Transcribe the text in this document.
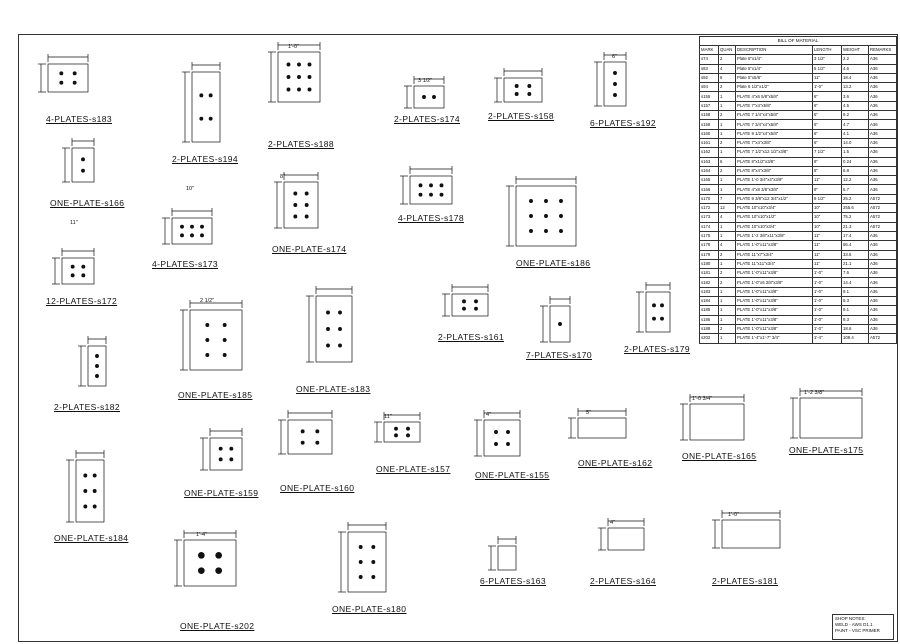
BILL OF MATERIAL
MARK	QUAN	DESCRIPTION	LENGTH	WEIGHT	REMARKS
s74	2	Plate 6"x1/4"	3 1/2"	2.2	A36
s83	4	Plate 5"x1/4"	5 1/2"	4.6	A36
s92	6	Plate 5"x5/8"	11"	18.4	A36
s94	2	Plate 6 1/2"x1/2"	1'-0"	13.2	A36
s155	1	PLATE 4"x6 5/8"x5/8"	6"	3.6	A36
s157	1	PLATE 7"x4"x5/8"	6"	4.5	A36
s158	2	PLATE 7 1/4"x4"x5/8"	6"	9.2	A36
s159	1	PLATE 7 3/4"x4"x5/8"	6"	4.7	A36
s160	1	PLATE 9 1/2"x4"x5/8"	6"	4.1	A36
s161	2	PLATE 7"x4"x3/8"	6"	14.0	A36
s162	1	PLATE 7 1/2"x12 1/2"x3/8"	7 1/2"	1.5	A36
s163	6	PLATE 8"x1/2"x3/8"	8"	0.24	A36
s164	2	PLATE 8"x4"x3/8"	8"	6.8	A36
s165	1	PLATE 1'-0 3/4"x4"x3/8"	11"	12.2	A36
s166	1	PLATE 4"x8 3/8"x3/8"	9"	5.7	A36
s170	7	PLATE 9 3/8"x12 3/4"x1/2"	9 1/2"	25.2	A572
s172	12	PLATE 10"x10"x3/4"	10"	255.6	A572
s173	4	PLATE 10"x10"x1/2"	10"	75.2	A572
s174	1	PLATE 10"x10"x3/4"	10"	21.3	A572
s175	1	PLATE 1'-2 3/8"x11"x3/8"	11"	17.4	A36
s178	4	PLATE 1'-0"x11"x3/8"	11"	56.4	A36
s179	2	PLATE 11"x7"x3/4"	11"	33.6	A36
s180	1	PLATE 11"x11"x3/4"	11"	21.1	A36
s181	2	PLATE 1'-0"x11"x3/8"	1'-0"	7.6	A36
s182	2	PLATE 1'-0"x6 3/8"x3/8"	1'-0"	14.4	A36
s183	1	PLATE 1'-0"x11"x3/8"	1'-0"	9.1	A36
s184	1	PLATE 1'-0"x11"x3/8"	1'-0"	9.3	A36
s185	1	PLATE 1'-0"x11"x3/8"	1'-0"	9.1	A36
s186	1	PLATE 1'-0"x11"x3/8"	1'-0"	9.3	A36
s188	2	PLATE 1'-0"x11"x3/8"	1'-0"	18.6	A36
s202	1	PLATE 1'-4"x1'-7" 3/4"	1'-4"	109.4	A572
SHOP NOTES:
WELD - AWS D1.1
PAINT - VSC PRIMER
1'-0"
10"
8"
3 1/2"
11"
6"
2 1/2"
4"	5"
1'-0 3/4"
1'-2 3/8"
1'-4"
1'-0"
4"
11"
4-PLATES-s183
2-PLATES-s194
2-PLATES-s188
2-PLATES-s174	2-PLATES-s158
6-PLATES-s192
ONE-PLATE-s166
4-PLATES-s173
ONE-PLATE-s174
4-PLATES-s178
ONE-PLATE-s186
12-PLATES-s172
2-PLATES-s182
ONE-PLATE-s185
ONE-PLATE-s183
2-PLATES-s161
7-PLATES-s170
2-PLATES-s179
ONE-PLATE-s159	ONE-PLATE-s160
ONE-PLATE-s157
ONE-PLATE-s155
ONE-PLATE-s162
ONE-PLATE-s165
ONE-PLATE-s175
ONE-PLATE-s184
ONE-PLATE-s202
ONE-PLATE-s180
6-PLATES-s163	2-PLATES-s164	2-PLATES-s181
